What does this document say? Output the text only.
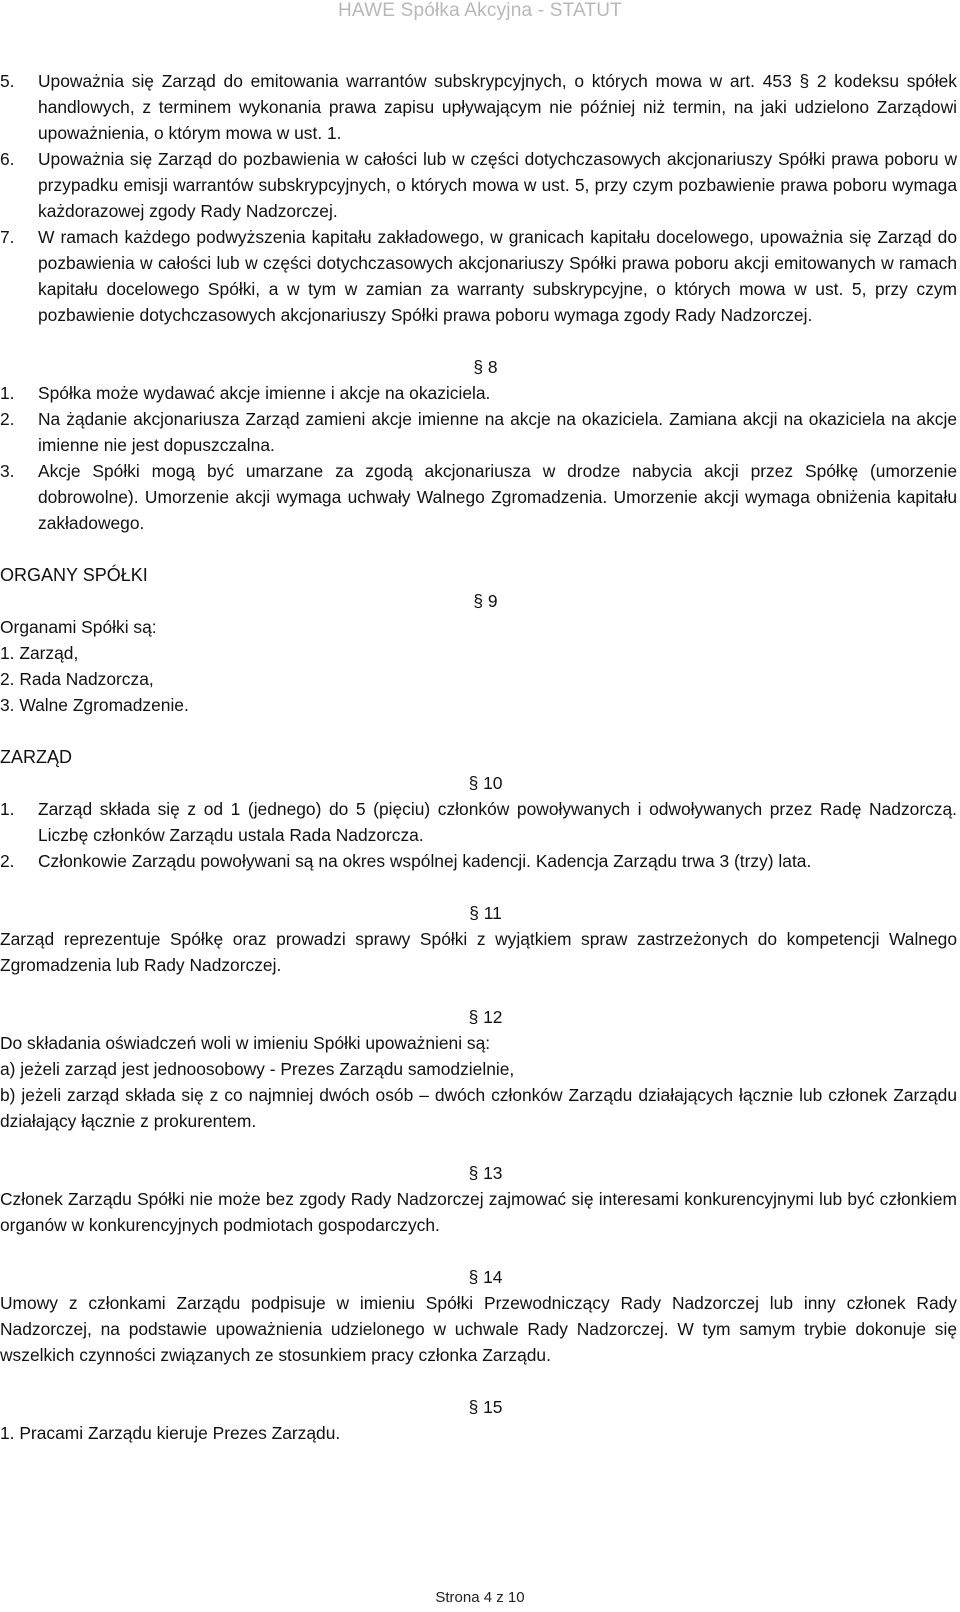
HAWE Spółka Akcyjna - STATUT
5.	Upoważnia się Zarząd do emitowania warrantów subskrypcyjnych, o których mowa w art. 453 § 2 kodeksu spółek handlowych, z terminem wykonania prawa zapisu upływającym nie później niż termin, na jaki udzielono Zarządowi upoważnienia, o którym mowa w ust. 1.
6.	Upoważnia się Zarząd do pozbawienia w całości lub w części dotychczasowych akcjonariuszy Spółki prawa poboru w przypadku emisji warrantów subskrypcyjnych, o których mowa w ust. 5, przy czym pozbawienie prawa poboru wymaga każdorazowej zgody Rady Nadzorczej.
7.	W ramach każdego podwyższenia kapitału zakładowego, w granicach kapitału docelowego, upoważnia się Zarząd do pozbawienia w całości lub w części dotychczasowych akcjonariuszy Spółki prawa poboru akcji emitowanych w ramach kapitału docelowego Spółki, a w tym w zamian za warranty subskrypcyjne, o których mowa w ust. 5, przy czym pozbawienie dotychczasowych akcjonariuszy Spółki prawa poboru wymaga zgody Rady Nadzorczej.

§ 8

1.	Spółka może wydawać akcje imienne i akcje na okaziciela.
2.	Na żądanie akcjonariusza Zarząd zamieni akcje imienne na akcje na okaziciela. Zamiana akcji na okaziciela na akcje imienne nie jest dopuszczalna.
3.	Akcje Spółki mogą być umarzane za zgodą akcjonariusza w drodze nabycia akcji przez Spółkę (umorzenie dobrowolne). Umorzenie akcji wymaga uchwały Walnego Zgromadzenia. Umorzenie akcji wymaga obniżenia kapitału zakładowego.

ORGANY SPÓŁKI

§ 9

Organami Spółki są:

1. Zarząd,

2. Rada Nadzorcza,

3. Walne Zgromadzenie.

ZARZĄD

§ 10

1.	Zarząd składa się z od 1 (jednego) do 5 (pięciu) członków powoływanych i odwoływanych przez Radę Nadzorczą. Liczbę członków Zarządu ustala Rada Nadzorcza.
2.	Członkowie Zarządu powoływani są na okres wspólnej kadencji. Kadencja Zarządu trwa 3 (trzy) lata.

§ 11

Zarząd reprezentuje Spółkę oraz prowadzi sprawy Spółki z wyjątkiem spraw zastrzeżonych do kompetencji Walnego Zgromadzenia lub Rady Nadzorczej.

§ 12

Do składania oświadczeń woli w imieniu Spółki upoważnieni są:

a) jeżeli zarząd jest jednoosobowy - Prezes Zarządu samodzielnie,

b) jeżeli zarząd składa się z co najmniej dwóch osób – dwóch członków Zarządu działających łącznie lub członek Zarządu działający łącznie z prokurentem.

§ 13

Członek Zarządu Spółki nie może bez zgody Rady Nadzorczej zajmować się interesami konkurencyjnymi lub być członkiem organów w konkurencyjnych podmiotach gospodarczych.

§ 14

Umowy z członkami Zarządu podpisuje w imieniu Spółki Przewodniczący Rady Nadzorczej lub inny członek Rady Nadzorczej, na podstawie upoważnienia udzielonego w uchwale Rady Nadzorczej. W tym samym trybie dokonuje się wszelkich czynności związanych ze stosunkiem pracy członka Zarządu.

§ 15

1. Pracami Zarządu kieruje Prezes Zarządu.

Strona 4 z 10
